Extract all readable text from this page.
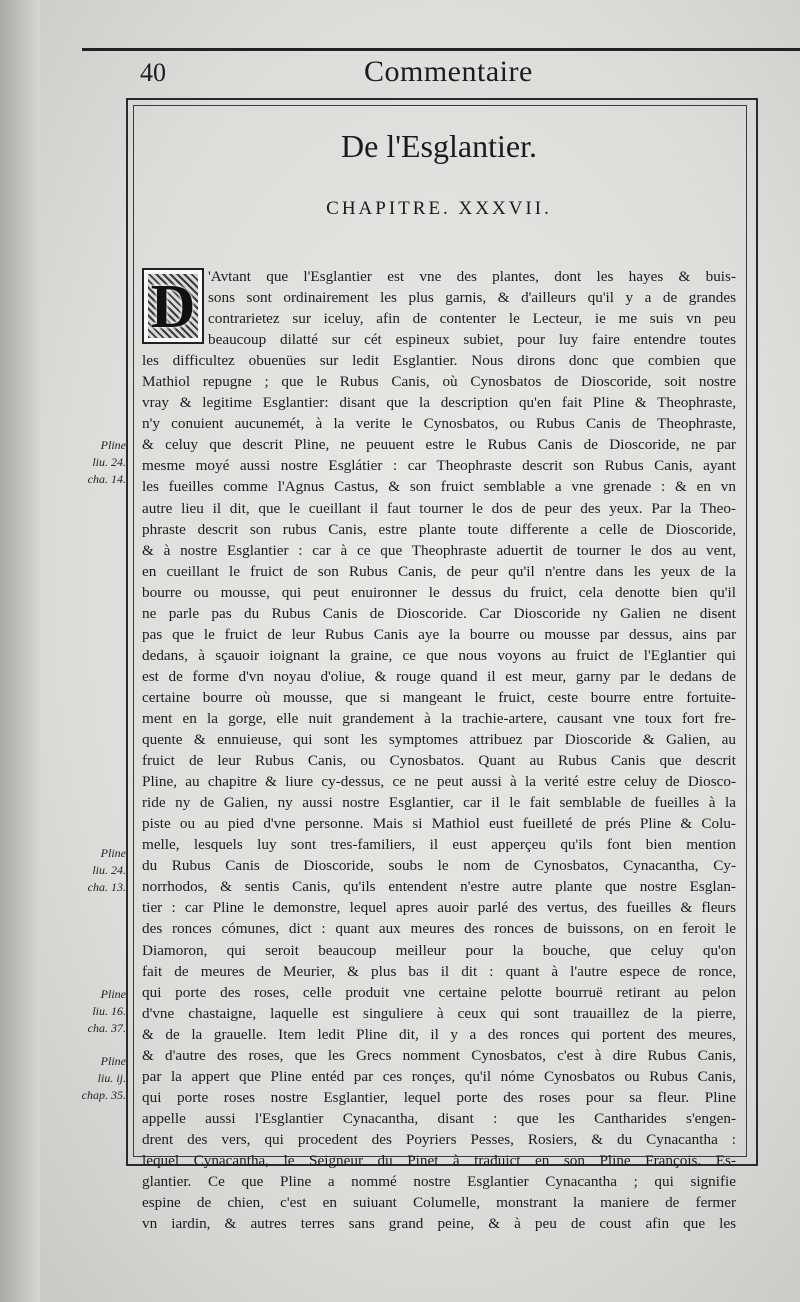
40	Commentaire
De l'Esglantier.
CHAPITRE. XXXVII.
D 'Avtant que l'Esglantier est vne des plantes, dont les hayes & buis-
sons sont ordinairement les plus garnis, & d'ailleurs qu'il y a de grandes
contrarietez sur iceluy, afin de contenter le Lecteur, ie me suis vn peu
beaucoup dilatté sur cét espineux subiet, pour luy faire entendre toutes
les difficultez obuenües sur ledit Esglantier. Nous dirons donc que combien que
Mathiol repugne ; que le Rubus Canis, où Cynosbatos de Dioscoride, soit nostre
vray & legitime Esglantier: disant que la description qu'en fait Pline & Theophraste,
n'y conuient aucunemét, à la verite le Cynosbatos, ou Rubus Canis de Theophraste,
& celuy que descrit Pline, ne peuuent estre le Rubus Canis de Dioscoride, ne par
mesme moyé aussi nostre Esglátier : car Theophraste descrit son Rubus Canis, ayant
les fueilles comme l'Agnus Castus, & son fruict semblable a vne grenade : & en vn
autre lieu il dit, que le cueillant il faut tourner le dos de peur des yeux. Par la Theo-
phraste descrit son rubus Canis, estre plante toute differente a celle de Dioscoride,
& à nostre Esglantier : car à ce que Theophraste aduertit de tourner le dos au vent,
en cueillant le fruict de son Rubus Canis, de peur qu'il n'entre dans les yeux de la
bourre ou mousse, qui peut enuironner le dessus du fruict, cela denotte bien qu'il
ne parle pas du Rubus Canis de Dioscoride. Car Dioscoride ny Galien ne disent
pas que le fruict de leur Rubus Canis aye la bourre ou mousse par dessus, ains par
dedans, à sçauoir ioignant la graine, ce que nous voyons au fruict de l'Eglantier qui
est de forme d'vn noyau d'oliue, & rouge quand il est meur, garny par le dedans de
certaine bourre où mousse, que si mangeant le fruict, ceste bourre entre fortuite-
ment en la gorge, elle nuit grandement à la trachie-artere, causant vne toux fort fre-
quente & ennuieuse, qui sont les symptomes attribuez par Dioscoride & Galien, au
fruict de leur Rubus Canis, ou Cynosbatos. Quant au Rubus Canis que descrit
Pline, au chapitre & liure cy-dessus, ce ne peut aussi à la verité estre celuy de Diosco-
ride ny de Galien, ny aussi nostre Esglantier, car il le fait semblable de fueilles à la
piste ou au pied d'vne personne. Mais si Mathiol eust fueilleté de prés Pline & Colu-
melle, lesquels luy sont tres-familiers, il eust apperçeu qu'ils font bien mention
du Rubus Canis de Dioscoride, soubs le nom de Cynosbatos, Cynacantha, Cy-
norrhodos, & sentis Canis, qu'ils entendent n'estre autre plante que nostre Esglan-
tier : car Pline le demonstre, lequel apres auoir parlé des vertus, des fueilles & fleurs
des ronces cómunes, dict : quant aux meures des ronces de buissons, on en feroit le
Diamoron, qui seroit beaucoup meilleur pour la bouche, que celuy qu'on
fait de meures de Meurier, & plus bas il dit : quant à l'autre espece de ronce,
qui porte des roses, celle produit vne certaine pelotte bourruë retirant au pelon
d'vne chastaigne, laquelle est singuliere à ceux qui sont trauaillez de la pierre,
& de la grauelle. Item ledit Pline dit, il y a des ronces qui portent des meures,
& d'autre des roses, que les Grecs nomment Cynosbatos, c'est à dire Rubus Canis,
par la appert que Pline entéd par ces ronçes, qu'il nóme Cynosbatos ou Rubus Canis,
qui porte roses nostre Esglantier, lequel porte des roses pour sa fleur. Pline
appelle aussi l'Esglantier Cynacantha, disant : que les Cantharides s'engen-
drent des vers, qui procedent des Poyriers Pesses, Rosiers, & du Cynacantha :
lequel Cynacantha, le Seigneur du Pinet à traduict en son Pline François. Es-
glantier. Ce que Pline a nommé nostre Esglantier Cynacantha ; qui signifie
espine de chien, c'est en suiuant Columelle, monstrant la maniere de fermer
vn iardin, & autres terres sans grand peine, & à peu de coust afin que les
Pline
liu. 24.
cha. 14.
Pline
liu. 24.
cha. 13.
Pline
liu. 16.
cha. 37.
Pline
liu. ij.
chap. 35.
